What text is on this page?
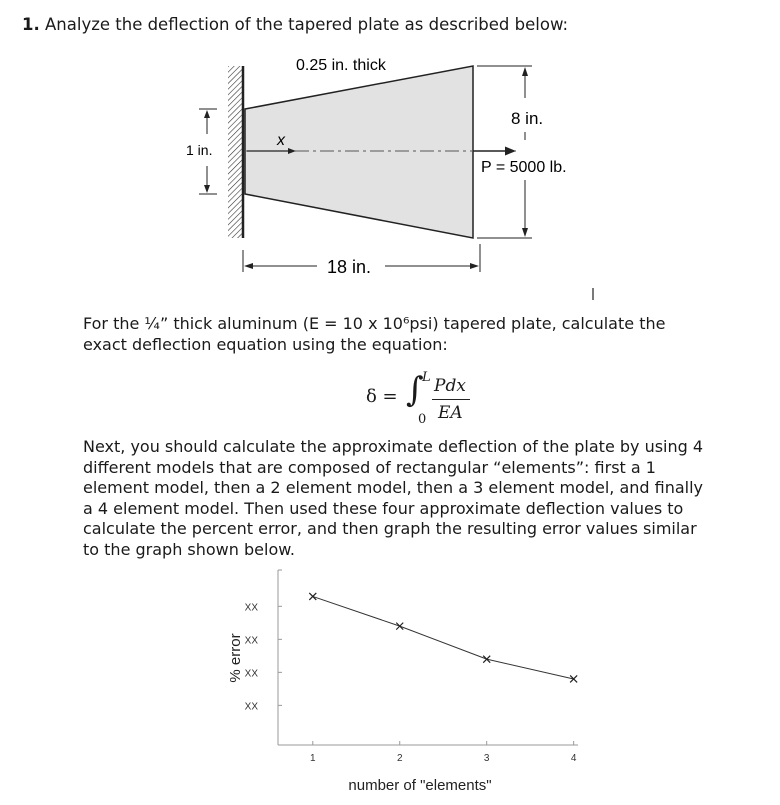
1. Analyze the deflection of the tapered plate as described below:
x
P = 5000 lb.
0.25 in. thick
1 in.
8 in.
18 in.
For the ¼” thick aluminum (E = 10 x 10⁶psi) tapered plate, calculate the
exact deflection equation using the equation:
δ = ∫
L
0
Pdx
EA
Next, you should calculate the approximate deflection of the plate by using 4
different models that are composed of rectangular “elements”: first a 1
element model, then a 2 element model, then a 3 element model, and finally
a 4 element model. Then used these four approximate deflection values to
calculate the percent error, and then graph the resulting error values similar
to the graph shown below.
XX
XX
XX
XX
1	2	3	4
number of "elements"
% error
